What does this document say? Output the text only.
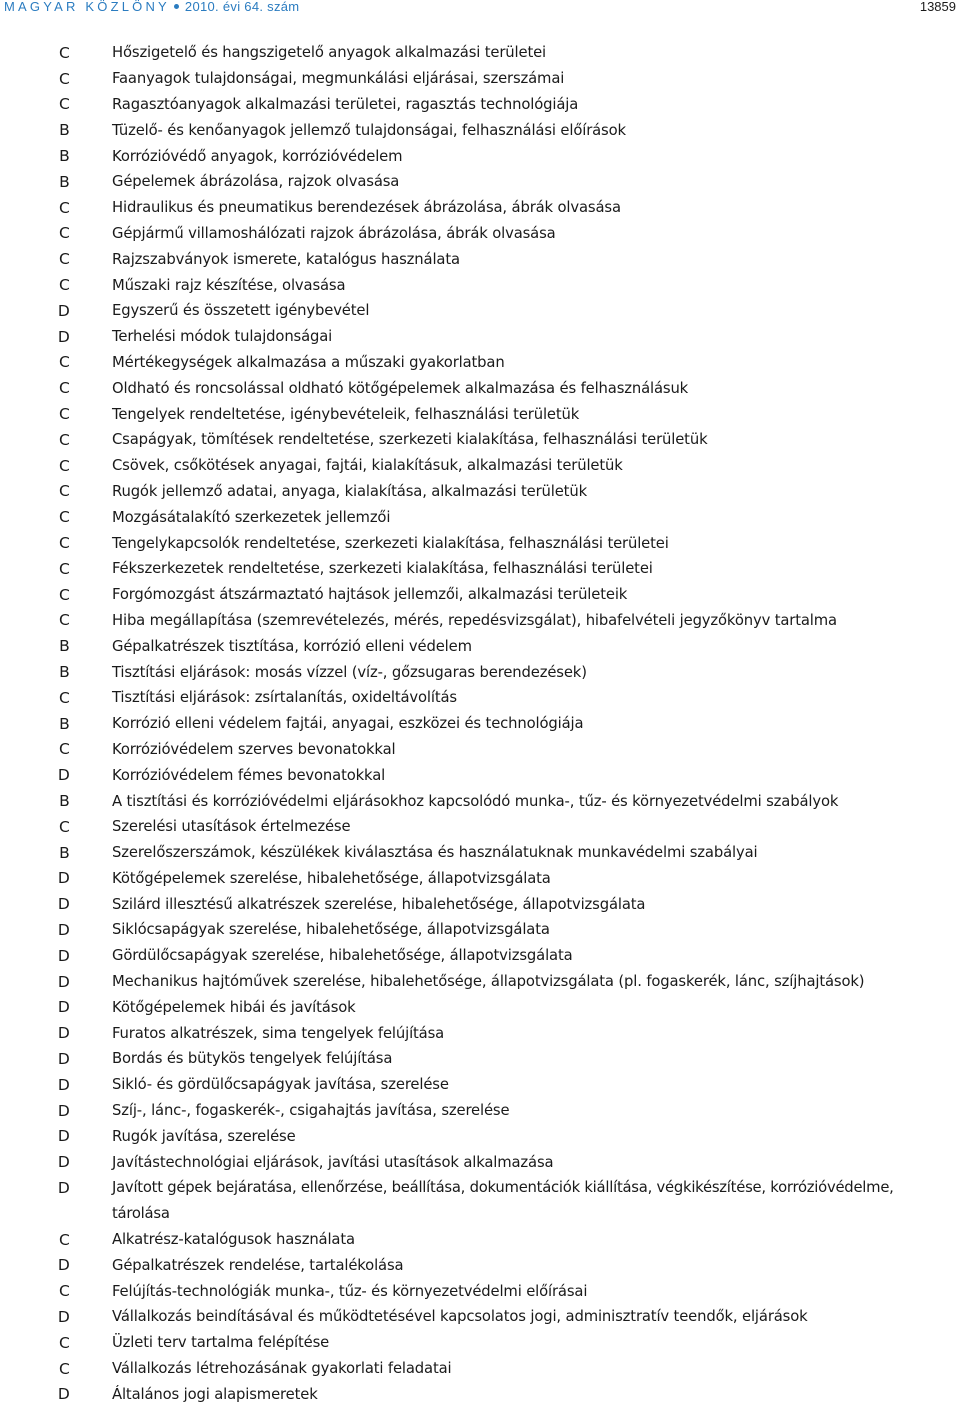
MAGYAR KÖZLÖNY 2010. évi 64. szám	13859
C	Hőszigetelő és hangszigetelő anyagok alkalmazási területei
C	Faanyagok tulajdonságai, megmunkálási eljárásai, szerszámai
C	Ragasztóanyagok alkalmazási területei, ragasztás technológiája
B	Tüzelő- és kenőanyagok jellemző tulajdonságai, felhasználási előírások
B	Korrózióvédő anyagok, korrózióvédelem
B	Gépelemek ábrázolása, rajzok olvasása
C	Hidraulikus és pneumatikus berendezések ábrázolása, ábrák olvasása
C	Gépjármű villamoshálózati rajzok ábrázolása, ábrák olvasása
C	Rajzszabványok ismerete, katalógus használata
C	Műszaki rajz készítése, olvasása
D	Egyszerű és összetett igénybevétel
D	Terhelési módok tulajdonságai
C	Mértékegységek alkalmazása a műszaki gyakorlatban
C	Oldható és roncsolással oldható kötőgépelemek alkalmazása és felhasználásuk
C	Tengelyek rendeltetése, igénybevételeik, felhasználási területük
C	Csapágyak, tömítések rendeltetése, szerkezeti kialakítása, felhasználási területük
C	Csövek, csőkötések anyagai, fajtái, kialakításuk, alkalmazási területük
C	Rugók jellemző adatai, anyaga, kialakítása, alkalmazási területük
C	Mozgásátalakító szerkezetek jellemzői
C	Tengelykapcsolók rendeltetése, szerkezeti kialakítása, felhasználási területei
C	Fékszerkezetek rendeltetése, szerkezeti kialakítása, felhasználási területei
C	Forgómozgást átszármaztató hajtások jellemzői, alkalmazási területeik
C	Hiba megállapítása (szemrevételezés, mérés, repedésvizsgálat), hibafelvételi jegyzőkönyv tartalma
B	Gépalkatrészek tisztítása, korrózió elleni védelem
B	Tisztítási eljárások: mosás vízzel (víz-, gőzsugaras berendezések)
C	Tisztítási eljárások: zsírtalanítás, oxideltávolítás
B	Korrózió elleni védelem fajtái, anyagai, eszközei és technológiája
C	Korrózióvédelem szerves bevonatokkal
D	Korrózióvédelem fémes bevonatokkal
B	A tisztítási és korrózióvédelmi eljárásokhoz kapcsolódó munka-, tűz- és környezetvédelmi szabályok
C	Szerelési utasítások értelmezése
B	Szerelőszerszámok, készülékek kiválasztása és használatuknak munkavédelmi szabályai
D	Kötőgépelemek szerelése, hibalehetősége, állapotvizsgálata
D	Szilárd illesztésű alkatrészek szerelése, hibalehetősége, állapotvizsgálata
D	Siklócsapágyak szerelése, hibalehetősége, állapotvizsgálata
D	Gördülőcsapágyak szerelése, hibalehetősége, állapotvizsgálata
D	Mechanikus hajtóművek szerelése, hibalehetősége, állapotvizsgálata (pl. fogaskerék, lánc, szíjhajtások)
D	Kötőgépelemek hibái és javítások
D	Furatos alkatrészek, sima tengelyek felújítása
D	Bordás és bütykös tengelyek felújítása
D	Sikló- és gördülőcsapágyak javítása, szerelése
D	Szíj-, lánc-, fogaskerék-, csigahajtás javítása, szerelése
D	Rugók javítása, szerelése
D	Javítástechnológiai eljárások, javítási utasítások alkalmazása
D	Javított gépek bejáratása, ellenőrzése, beállítása, dokumentációk kiállítása, végkikészítése, korrózióvédelme, tárolása
C	Alkatrész-katalógusok használata
D	Gépalkatrészek rendelése, tartalékolása
C	Felújítás-technológiák munka-, tűz- és környezetvédelmi előírásai
D	Vállalkozás beindításával és működtetésével kapcsolatos jogi, adminisztratív teendők, eljárások
C	Üzleti terv tartalma felépítése
C	Vállalkozás létrehozásának gyakorlati feladatai
D	Általános jogi alapismeretek
